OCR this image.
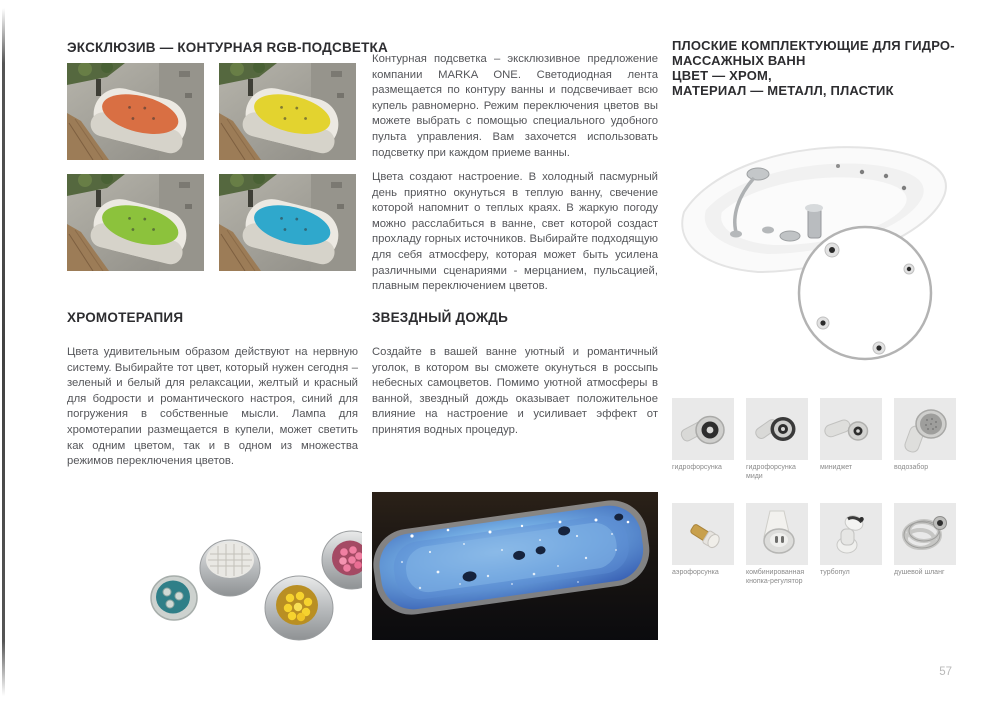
ЭКСКЛЮЗИВ — КОНТУРНАЯ RGB-ПОДСВЕТКА
Контурная подсветка – эксклюзивное предложение компании MARKA ONE. Светодиодная лента размещается по контуру ванны и подсвечивает всю купель равномерно. Режим переключения цветов вы можете выбрать с помощью специального удобного пульта управления. Вам захочется использовать подсветку при каждом приеме ванны.
Цвета создают настроение. В холодный пасмурный день приятно окунуться в теплую ванну, свечение которой напомнит о теплых краях. В жаркую погоду можно расслабиться в ванне, свет которой создаст прохладу горных источников. Выбирайте подходящую для себя атмосферу, которая может быть усилена различными сценариями - мерцанием, пульсацией, плавным переключением цветов.
ХРОМОТЕРАПИЯ
Цвета удивительным образом действуют на нервную систему. Выбирайте тот цвет, который нужен сегодня – зеленый и белый для релаксации, желтый и красный для бодрости и романтического настроя, синий для погружения в собственные мысли. Лампа для хромотерапии размещается в купели, может светить как одним цветом, так и в одном из множества режимов переключения цветов.
ЗВЕЗДНЫЙ ДОЖДЬ
Создайте в вашей ванне уютный и романтичный уголок, в котором вы сможете окунуться в россыпь небесных самоцветов. Помимо уютной атмосферы в ванной, звездный дождь оказывает положительное влияние на настроение и усиливает эффект от принятия водных процедур.
ПЛОСКИЕ КОМПЛЕКТУЮЩИЕ ДЛЯ ГИДРО-
МАССАЖНЫХ ВАНН
ЦВЕТ — ХРОМ,
МАТЕРИАЛ — МЕТАЛЛ, ПЛАСТИК
гидрофорсунка	гидрофорсунка миди
миниджет	водозабор
аэрофорсунка	комбинированная кнопка-регулятор
турбопул	душевой шланг
57
